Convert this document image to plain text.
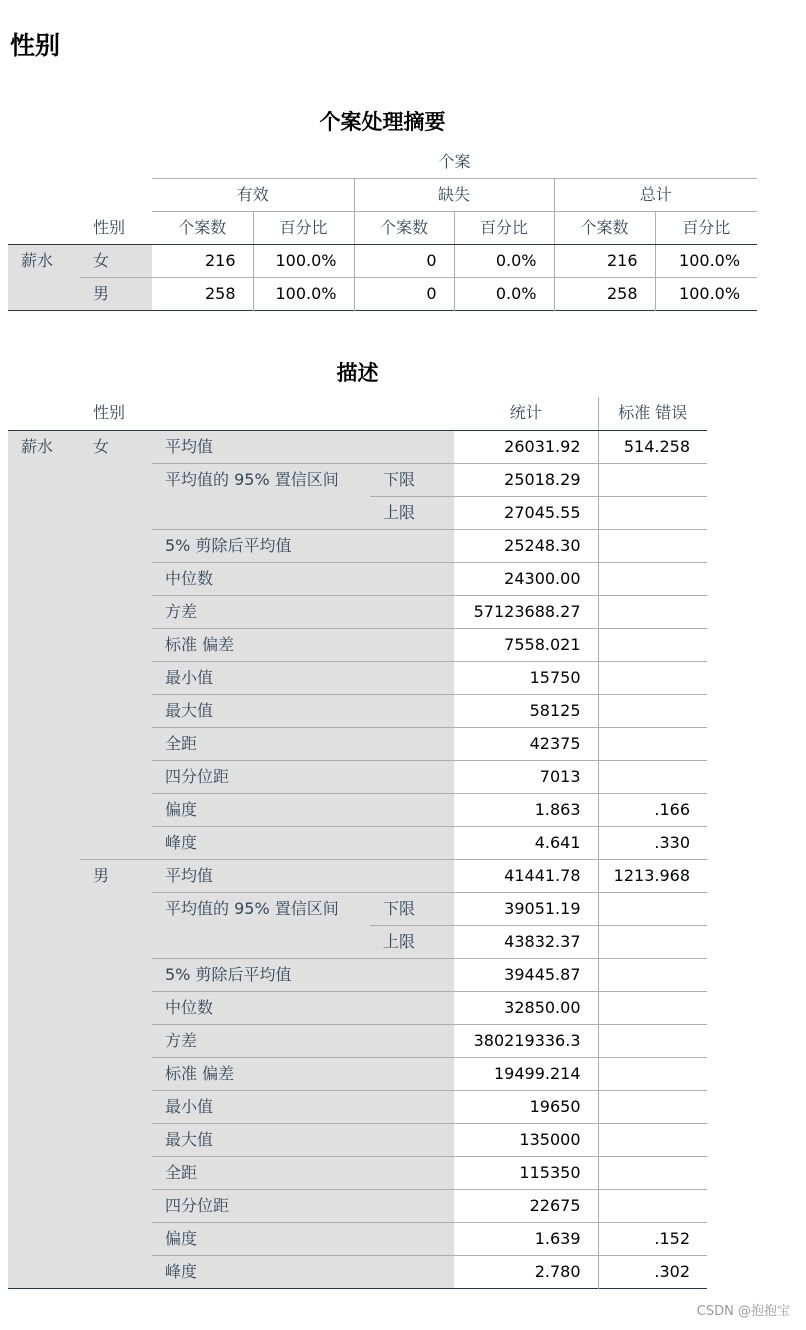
性别
个案处理摘要
		个案					
		有效		缺失		总计	
	性别	个案数	百分比	个案数	百分比	个案数	百分比
薪水	女	216	100.0%	0	0.0%	216	100.0%
	男	258	100.0%	0	0.0%	258	100.0%
描述
	性别			统计	标准 错误
薪水	女	平均值		26031.92	514.258
		平均值的 95% 置信区间	下限	25018.29	
			上限	27045.55	
		5% 剪除后平均值		25248.30	
		中位数		24300.00	
		方差		57123688.27	
		标准 偏差		7558.021	
		最小值		15750	
		最大值		58125	
		全距		42375	
		四分位距		7013	
		偏度		1.863	.166
		峰度		4.641	.330
	男	平均值		41441.78	1213.968
		平均值的 95% 置信区间	下限	39051.19	
			上限	43832.37	
		5% 剪除后平均值		39445.87	
		中位数		32850.00	
		方差		380219336.3	
		标准 偏差		19499.214	
		最小值		19650	
		最大值		135000	
		全距		115350	
		四分位距		22675	
		偏度		1.639	.152
		峰度		2.780	.302
CSDN @抱抱宝
